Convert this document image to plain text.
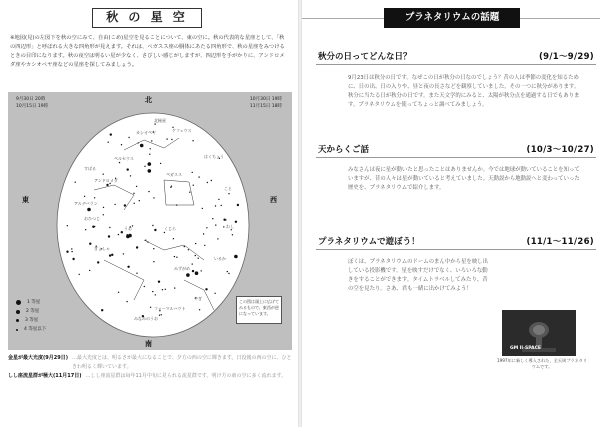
秋 の 星 空
※地図(見)の左図下を秋の空にみて、自由(こめ)星空を見ることについて、東の空に。秋の代表的な星座として、「秋の四辺形」と呼ばれる大きな四角形が見えます。それは、ペガスス座の胴体にあたる四角形で、秋の星座をみつけるときの目印になります。秋の夜空は明るい星が少なく、さびしい感じがしますが、四辺形を手がかりに、アンドロメダ座やカシオペヤ座などの星座を探してみましょう。
9月30日 20時
10月15日 19時
10月30日 19時
11月15日 18時
北
南
東	西
カシオペヤ	ケフェウス
アンドロメダ
ペガスス
はくちょう
こと
わし
みずがめ
うお
おひつじ
ペルセウス
ぎょしゃ
いるか
フォーマルハウト
みなみのうお
やぎ
くじら
アルデバラン
すばる
北極星
1 等星
2 等星
3 等星
4 等星以下
この図は頭上に広げてみるもので、東西が逆になっています。
金星が最大光度(9月29日) …最大光度とは、明るさが最大になることで、夕方の西の空に輝きます。日没後の西の空に、ひときわ明るく輝いています。
しし座流星群が極大(11月17日) …しし座流星群は毎年11月中旬に見られる流星群です。明け方の東の空に多く流れます。
プラネタリウムの話題
秋分の日ってどんな日？	(9/1～9/29)
9月23日は秋分の日です。なぜこの日が秋分の日なのでしょう？昔の人は季節の変化を知るために、日の出、日の入りや、昼と夜の長さなどを観察していました。その一つに秋分があります。秋分に当たる日が秋分の日です。また天文学的にみると、太陽が秋分点を通過する日でもあります。プラネタリウムを使ってちょっと調べてみましょう。
天からくご話	(10/3～10/27)
みなさんは夜に星が動いたと思ったことはありませんか。今では地球が動いていることを知っていますが、昔の人々は星が動いていると考えていました。天動説から地動説へと変わっていった歴史を、プラネタリウムで紹介します。
プラネタリウムで遊ぼう！	(11/1～11/26)
ぼくは、プラネタリウムのドームのまん中から星を映し出している投影機です。星を映すだけでなく、いろいろな動きをすることができます。タイムトラベルしてみたり、昔の空を見たり。さあ、君も一緒に出かけてみよう！
GM II-SPACE
1997年に新しく導入された、全天周プラネタリウムです。
